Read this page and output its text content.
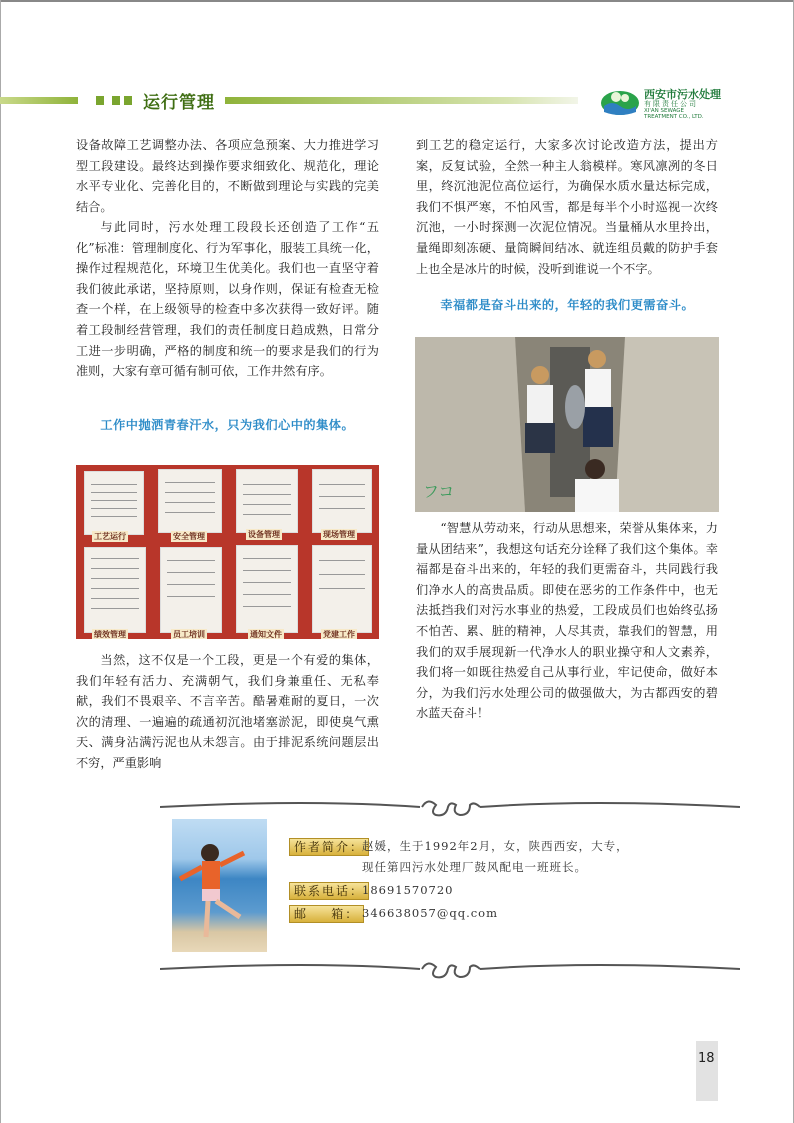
运行管理	西安市污水处理
有限责任公司
XI'AN SEWAGE
TREATMENT CO., LTD.

设备故障工艺调整办法、各项应急预案、大力推进学习型工段建设。最终达到操作要求细致化、规范化，理论水平专业化、完善化目的，不断做到理论与实践的完美结合。

与此同时，污水处理工段段长还创造了工作“五化”标准：管理制度化、行为军事化，服装工具统一化，操作过程规范化，环境卫生优美化。我们也一直坚守着我们彼此承诺，坚持原则，以身作则，保证有检查无检查一个样，在上级领导的检查中多次获得一致好评。随着工段制经营管理，我们的责任制度日趋成熟，日常分工进一步明确，严格的制度和统一的要求是我们的行为准则，大家有章可循有制可依，工作井然有序。

工作中抛洒青春汗水，只为我们心中的集体。

工艺运行	安全管理	设备管理	现场管理
绩效管理	员工培训	通知文件	党建工作

当然，这不仅是一个工段，更是一个有爱的集体，我们年轻有活力、充满朝气，我们身兼重任、无私奉献，我们不畏艰辛、不言辛苦。酷暑难耐的夏日，一次次的清理、一遍遍的疏通初沉池堵塞淤泥，即使臭气熏天、满身沾满污泥也从未怨言。由于排泥系统问题层出不穷，严重影响

到工艺的稳定运行，大家多次讨论改造方法，提出方案，反复试验，全然一种主人翁模样。寒风凛冽的冬日里，终沉池泥位高位运行，为确保水质水量达标完成，我们不惧严寒，不怕风雪，都是每半个小时巡视一次终沉池，一小时探测一次泥位情况。当量桶从水里拎出，量绳即刻冻硬、量筒瞬间结冰、就连组员戴的防护手套上也全是冰片的时候，没听到谁说一个不字。

幸福都是奋斗出来的，年轻的我们更需奋斗。

フコ

“智慧从劳动来，行动从思想来，荣誉从集体来，力量从团结来”，我想这句话充分诠释了我们这个集体。幸福都是奋斗出来的，年轻的我们更需奋斗，共同践行我们净水人的高贵品质。即使在恶劣的工作条件中，也无法抵挡我们对污水事业的热爱，工段成员们也始终弘扬不怕苦、累、脏的精神，人尽其责，靠我们的智慧，用我们的双手展现新一代净水人的职业操守和人文素养，我们将一如既往热爱自己从事行业，牢记使命，做好本分，为我们污水处理公司的做强做大，为古都西安的碧水蓝天奋斗！

作者简介：
赵媛，生于1992年2月，女，陕西西安，大专，
现任第四污水处理厂鼓风配电一班班长。
联系电话：
18691570720
邮    箱： 346638057@qq.com
18
